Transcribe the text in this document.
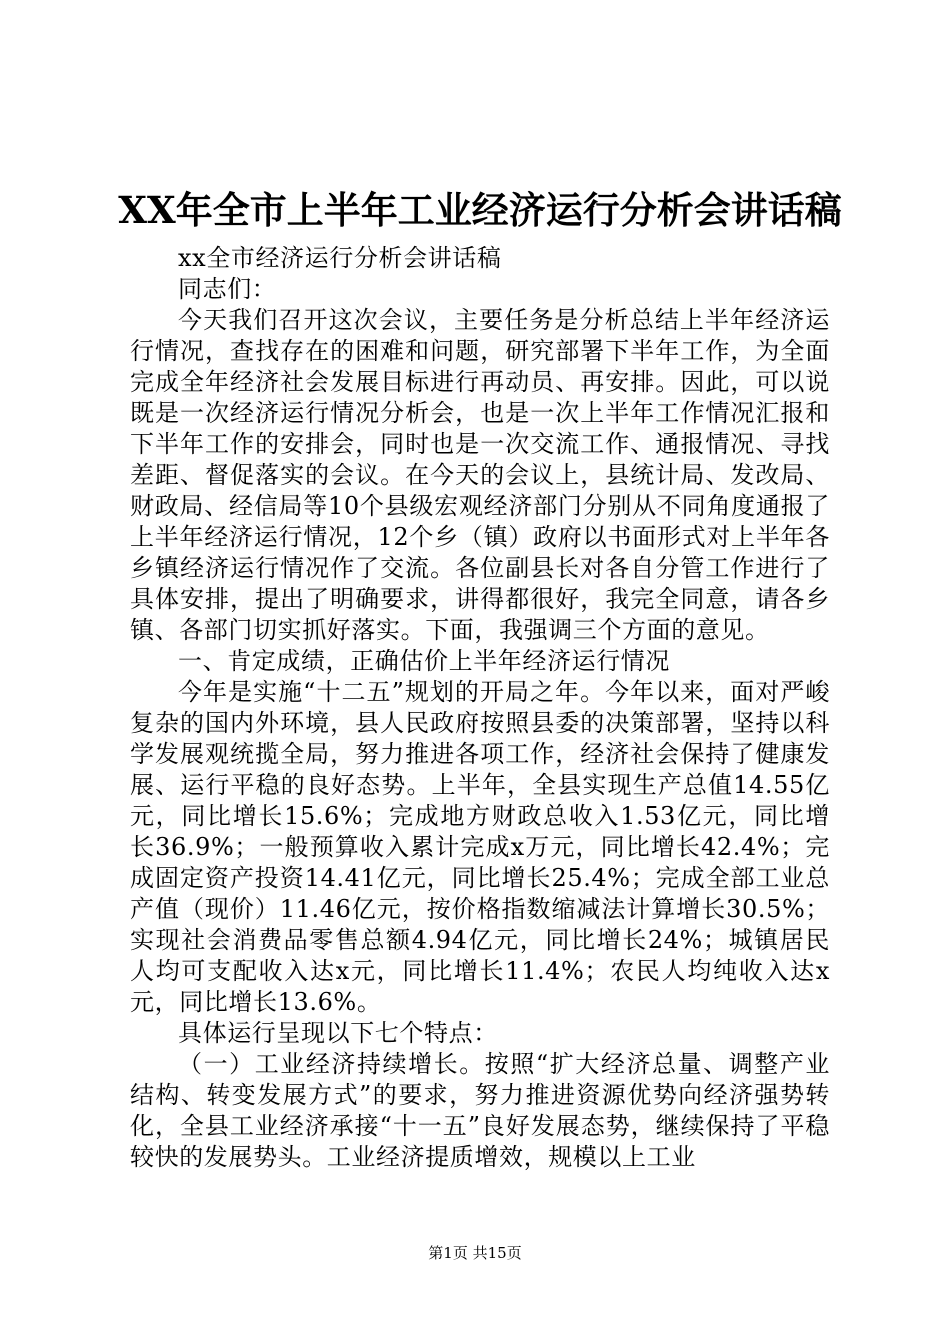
XX年全市上半年工业经济运行分析会讲话稿

xx全市经济运行分析会讲话稿

同志们：

今天我们召开这次会议，主要任务是分析总结上半年经济运行情况，查找存在的困难和问题，研究部署下半年工作，为全面完成全年经济社会发展目标进行再动员、再安排。因此，可以说既是一次经济运行情况分析会，也是一次上半年工作情况汇报和下半年工作的安排会，同时也是一次交流工作、通报情况、寻找差距、督促落实的会议。在今天的会议上，县统计局、发改局、财政局、经信局等10个县级宏观经济部门分别从不同角度通报了上半年经济运行情况，12个乡（镇）政府以书面形式对上半年各乡镇经济运行情况作了交流。各位副县长对各自分管工作进行了具体安排，提出了明确要求，讲得都很好，我完全同意，请各乡镇、各部门切实抓好落实。下面，我强调三个方面的意见。

一、肯定成绩，正确估价上半年经济运行情况

今年是实施“十二五”规划的开局之年。今年以来，面对严峻复杂的国内外环境，县人民政府按照县委的决策部署，坚持以科学发展观统揽全局，努力推进各项工作，经济社会保持了健康发展、运行平稳的良好态势。上半年，全县实现生产总值14.55亿元，同比增长15.6%；完成地方财政总收入1.53亿元，同比增长36.9%；一般预算收入累计完成x万元，同比增长42.4%；完成固定资产投资14.41亿元，同比增长25.4%；完成全部工业总产值（现价）11.46亿元，按价格指数缩减法计算增长30.5%；实现社会消费品零售总额4.94亿元，同比增长24%；城镇居民人均可支配收入达x元，同比增长11.4%；农民人均纯收入达x元，同比增长13.6%。

具体运行呈现以下七个特点：

（一）工业经济持续增长。按照“扩大经济总量、调整产业结构、转变发展方式”的要求，努力推进资源优势向经济强势转化，全县工业经济承接“十一五”良好发展态势，继续保持了平稳较快的发展势头。工业经济提质增效，规模以上工业

第1页 共15页
